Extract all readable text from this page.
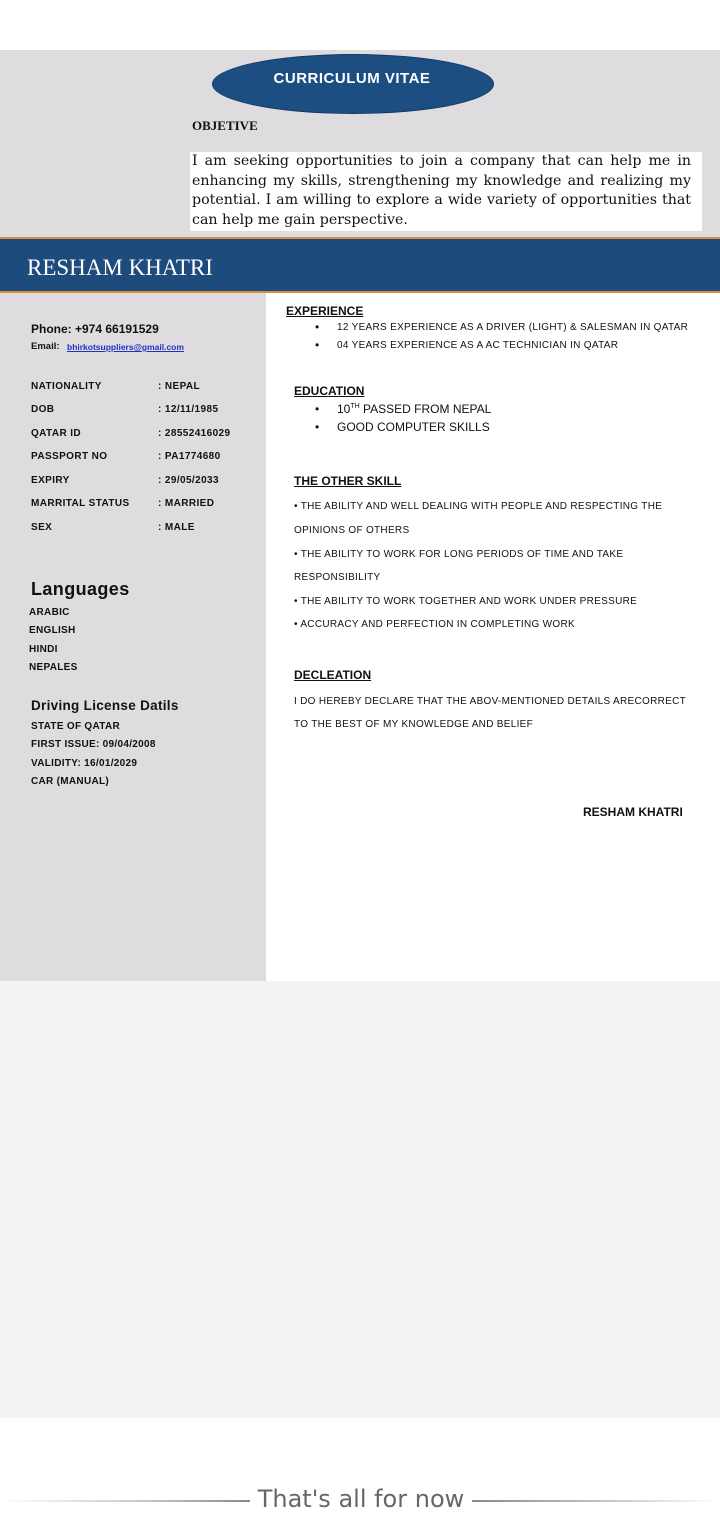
CURRICULUM VITAE
OBJETIVE
I am seeking opportunities to join a company that can help me in enhancing my skills, strengthening my knowledge and realizing my potential. I am willing to explore a wide variety of opportunities that can help me gain perspective.
RESHAM KHATRI
Phone: +974 66191529
Email: bhirkotsuppliers@gmail.com
NATIONALITY	: NEPAL
DOB	: 12/11/1985
QATAR ID	: 28552416029
PASSPORT NO	: PA1774680
EXPIRY	: 29/05/2033
MARRITAL STATUS	: MARRIED
SEX	: MALE
Languages
ARABIC
ENGLISH
HINDI
NEPALES
Driving License Datils
STATE OF QATAR
FIRST ISSUE: 09/04/2008
VALIDITY: 16/01/2029
CAR (MANUAL)
EXPERIENCE
• 12 YEARS EXPERIENCE AS A DRIVER (LIGHT) & SALESMAN IN QATAR
• 04 YEARS EXPERIENCE AS A AC TECHNICIAN IN QATAR
EDUCATION
• 10TH PASSED FROM NEPAL
• GOOD COMPUTER SKILLS
THE OTHER SKILL
• THE ABILITY AND WELL DEALING WITH PEOPLE AND RESPECTING THE
OPINIONS OF OTHERS
• THE ABILITY TO WORK FOR LONG PERIODS OF TIME AND TAKE
RESPONSIBILITY
• THE ABILITY TO WORK TOGETHER AND WORK UNDER PRESSURE
• ACCURACY AND PERFECTION IN COMPLETING WORK
DECLEATION
I DO HEREBY DECLARE THAT THE ABOV-MENTIONED DETAILS ARECORRECT
TO THE BEST OF MY KNOWLEDGE AND BELIEF
RESHAM KHATRI
That's all for now
